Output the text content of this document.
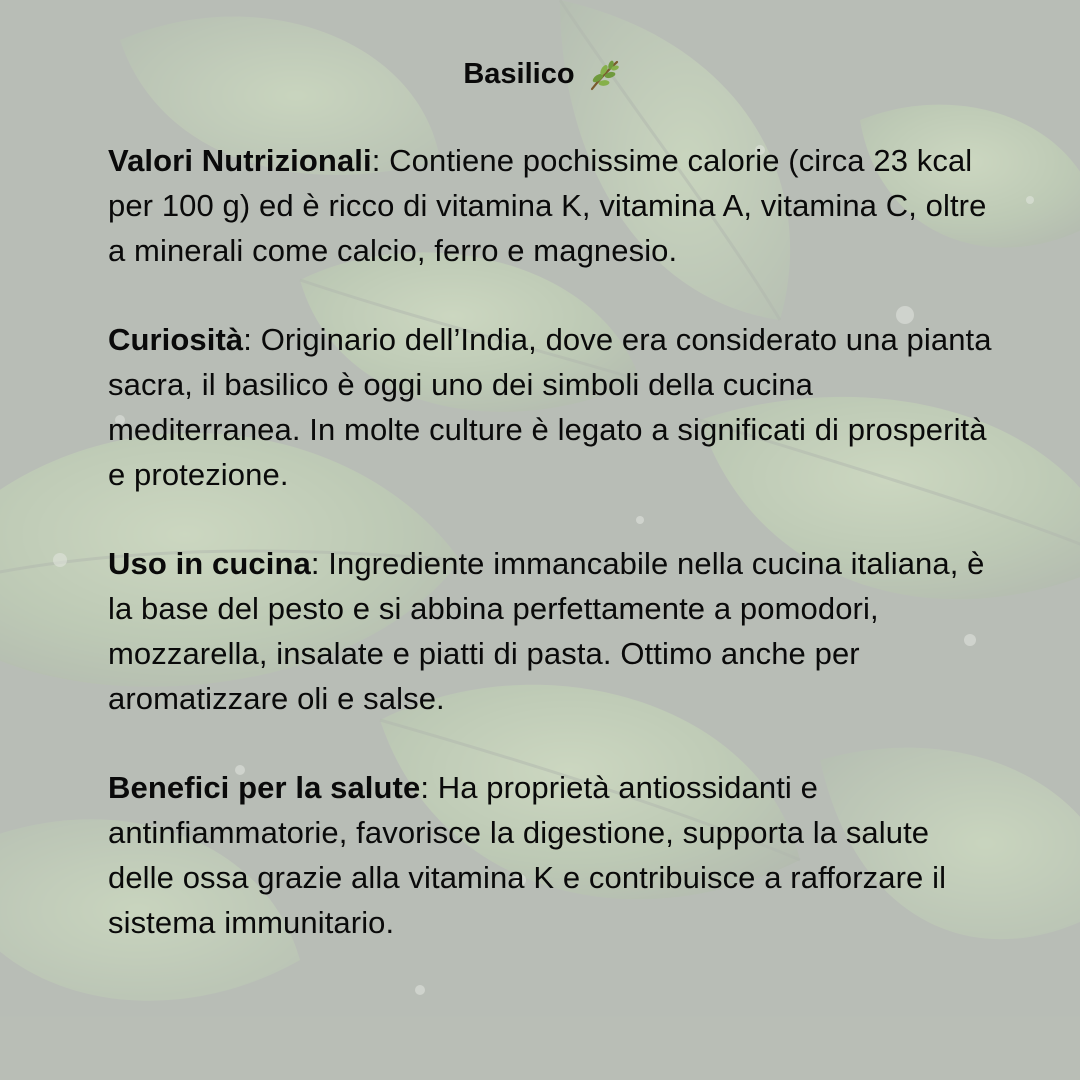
Basilico

Valori Nutrizionali: Contiene pochissime calorie (circa 23 kcal per 100 g) ed è ricco di vitamina K, vitamina A, vitamina C, oltre a minerali come calcio, ferro e magnesio.

Curiosità: Originario dell’India, dove era considerato una pianta sacra, il basilico è oggi uno dei simboli della cucina mediterranea. In molte culture è legato a significati di prosperità e protezione.

Uso in cucina: Ingrediente immancabile nella cucina italiana, è la base del pesto e si abbina perfettamente a pomodori, mozzarella, insalate e piatti di pasta. Ottimo anche per aromatizzare oli e salse.

Benefici per la salute: Ha proprietà antiossidanti e antinfiammatorie, favorisce la digestione, supporta la salute delle ossa grazie alla vitamina K e contribuisce a rafforzare il sistema immunitario.
